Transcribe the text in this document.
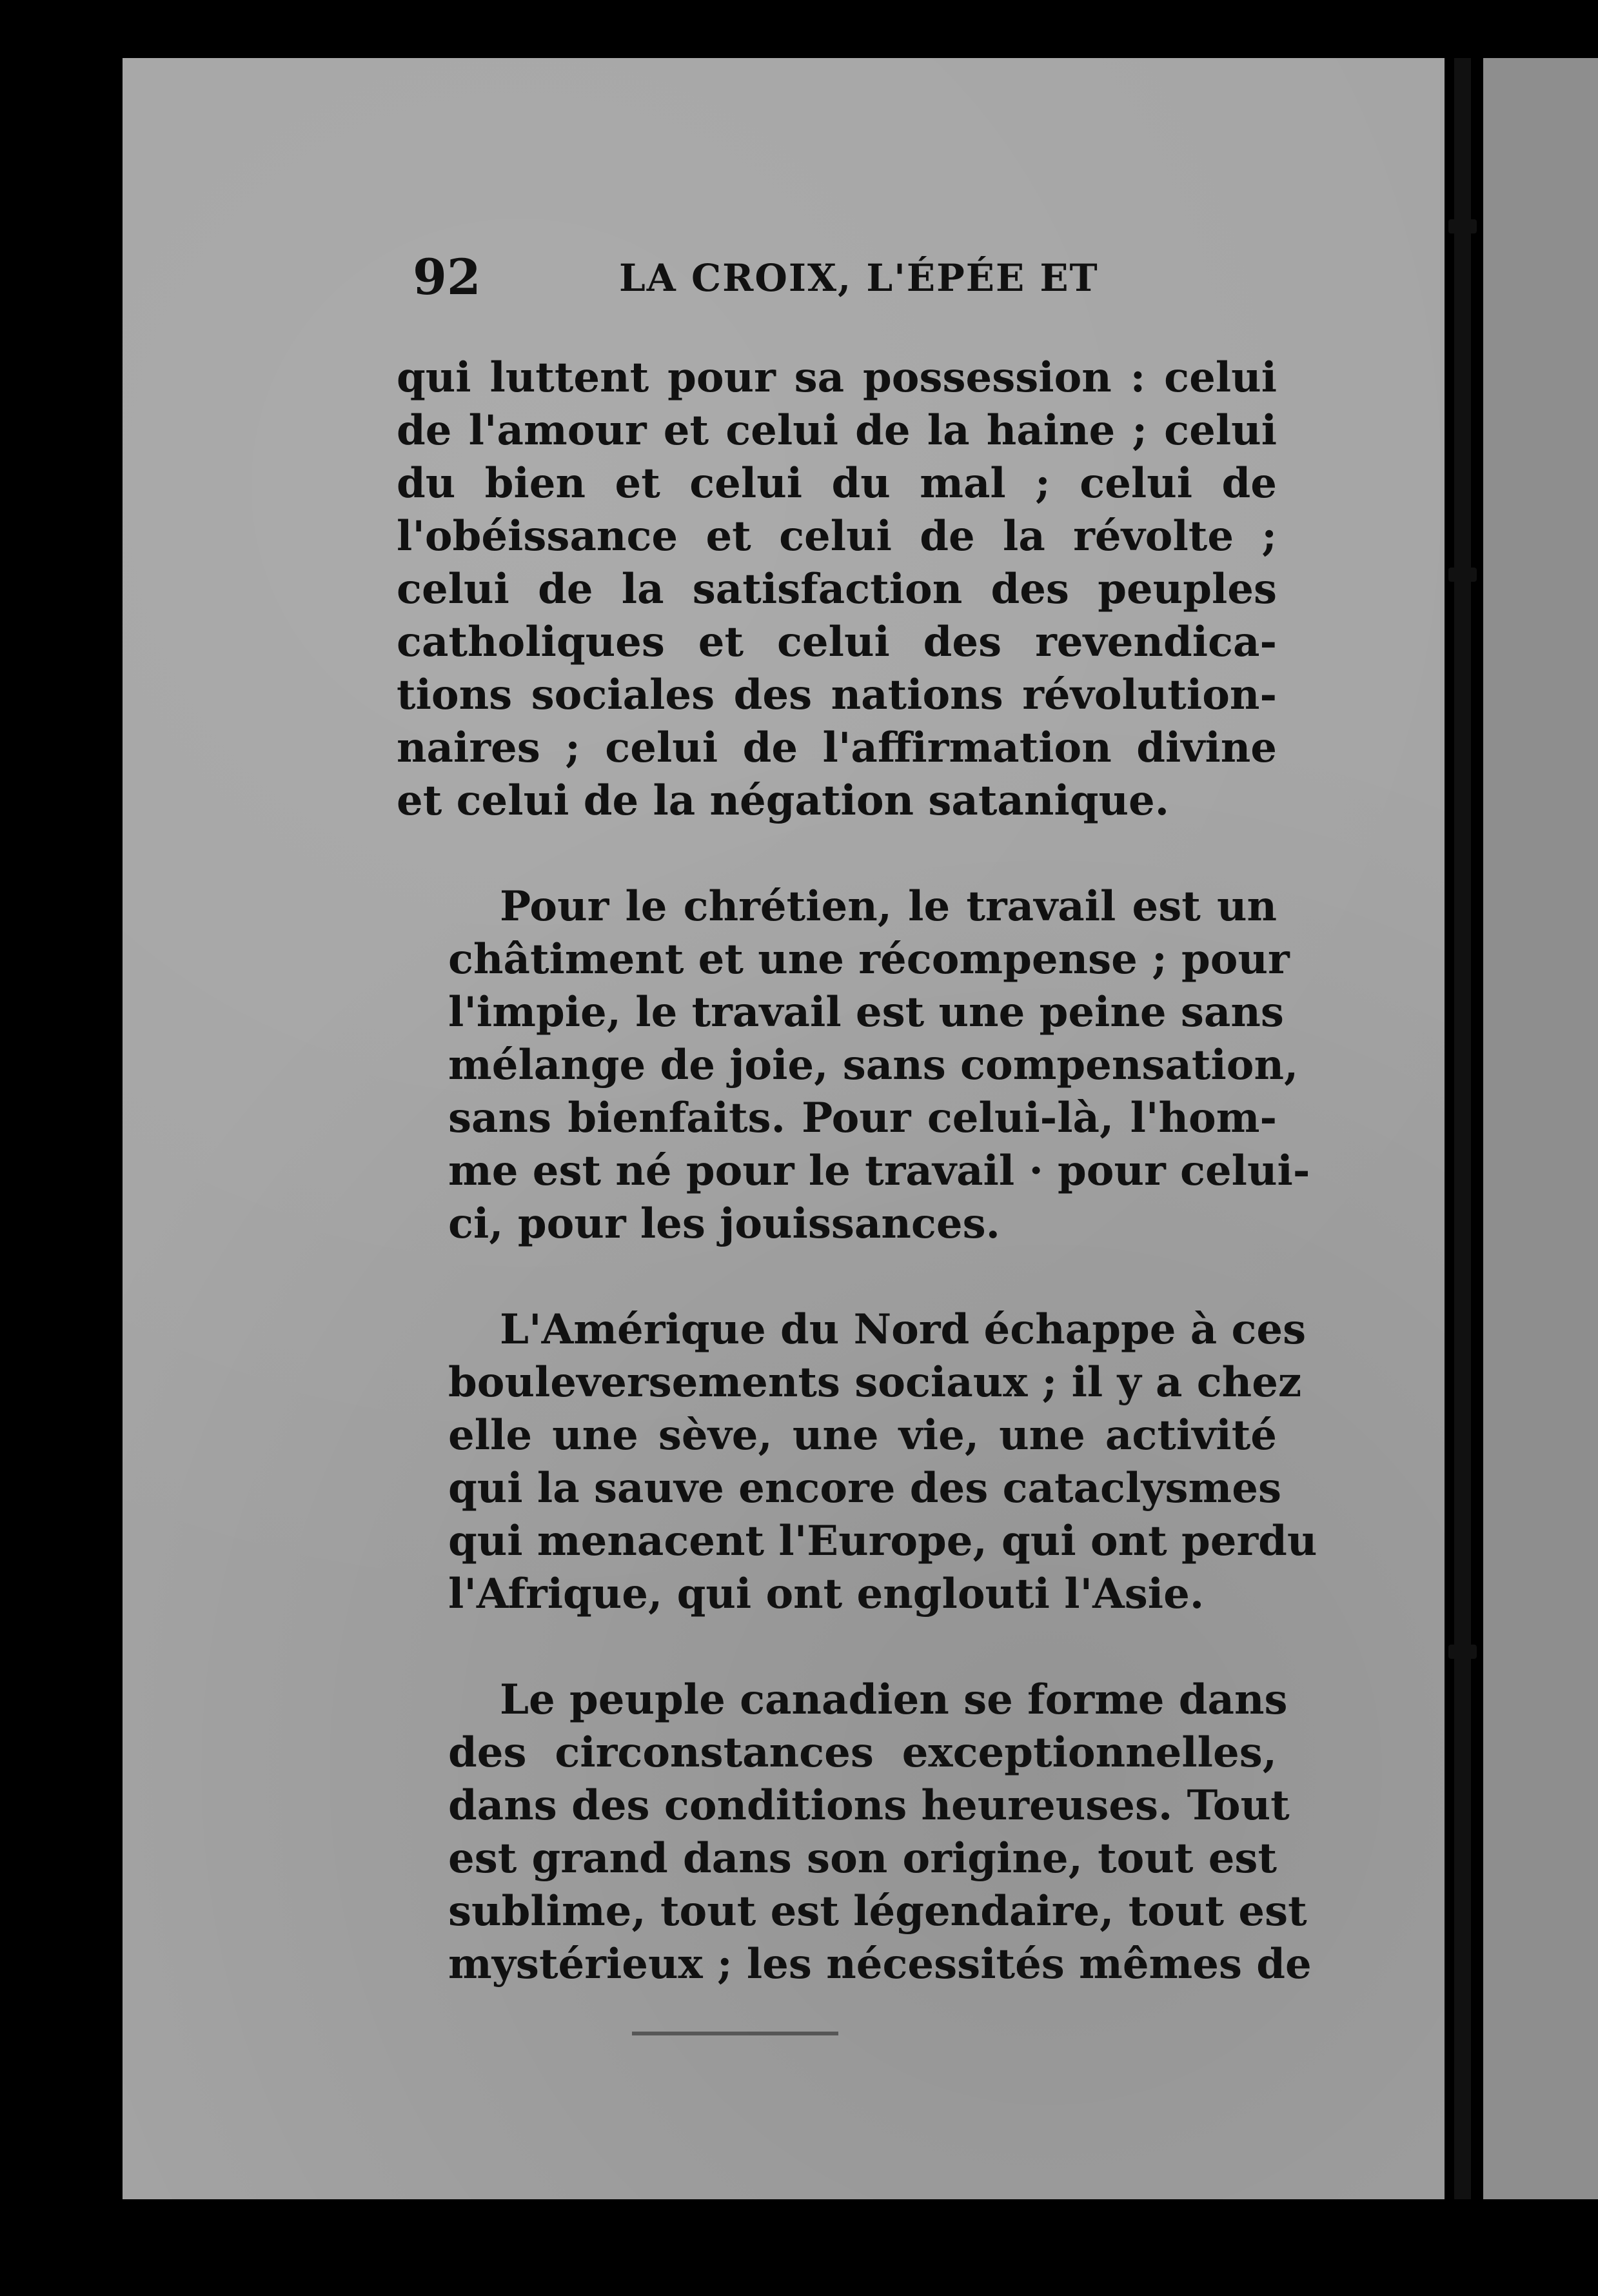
92	LA CROIX, L'ÉPÉE ET
qui luttent pour sa possession : celui
de l'amour et celui de la haine ; celui
du bien et celui du mal ; celui de
l'obéissance et celui de la révolte ;
celui de la satisfaction des peuples
catholiques et celui des revendica-
tions sociales des nations révolution-
naires ; celui de l'affirmation divine
et celui de la négation satanique.
Pour le chrétien, le travail est un
châtiment et une récompense ; pour
l'impie, le travail est une peine sans
mélange de joie, sans compensation,
sans bienfaits. Pour celui-là, l'hom-
me est né pour le travail · pour celui-
ci, pour les jouissances.
L'Amérique du Nord échappe à ces
bouleversements sociaux ; il y a chez
elle une sève, une vie, une activité
qui la sauve encore des cataclysmes
qui menacent l'Europe, qui ont perdu
l'Afrique, qui ont englouti l'Asie.
Le peuple canadien se forme dans
des circonstances exceptionnelles,
dans des conditions heureuses. Tout
est grand dans son origine, tout est
sublime, tout est légendaire, tout est
mystérieux ; les nécessités mêmes de
